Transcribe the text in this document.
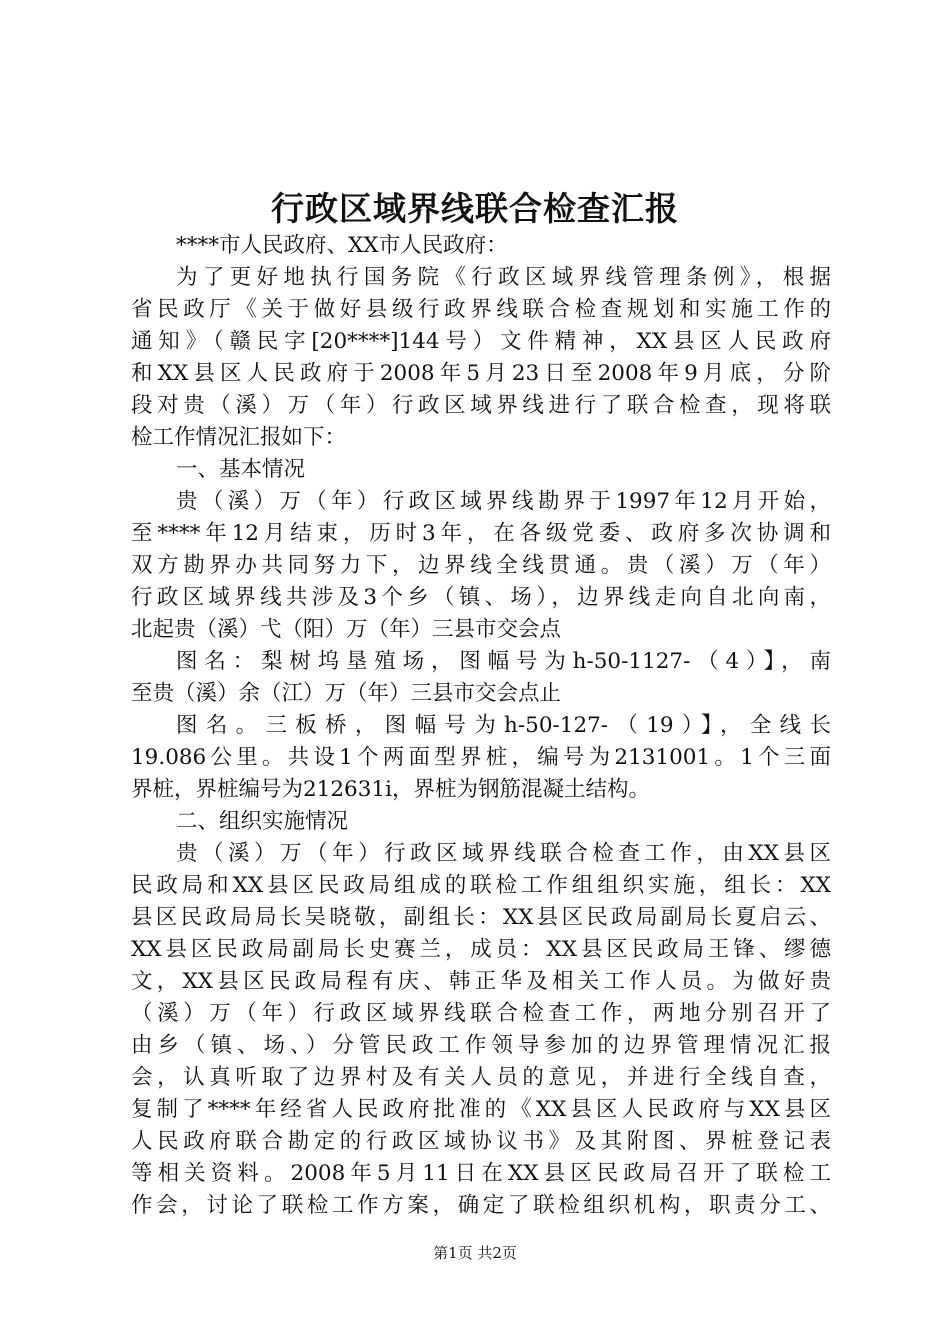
行政区域界线联合检查汇报

****市人民政府、XX市人民政府：

为了更好地执行国务院《行政区域界线管理条例》，根据
省民政厅《关于做好县级行政界线联合检查规划和实施工作的
通知》（赣民字[20****]144号）文件精神，XX县区人民政府
和XX县区人民政府于2008年5月23日至2008年9月底，分阶
段对贵（溪）万（年）行政区域界线进行了联合检查，现将联
检工作情况汇报如下：

一、基本情况

贵（溪）万（年）行政区域界线勘界于1997年12月开始，
至****年12月结束，历时3年，在各级党委、政府多次协调和
双方勘界办共同努力下，边界线全线贯通。贵（溪）万（年）
行政区域界线共涉及3个乡（镇、场），边界线走向自北向南，
北起贵（溪）弋（阳）万（年）三县市交会点

图名：梨树坞垦殖场，图幅号为h-50-1127-（4）】，南
至贵（溪）余（江）万（年）三县市交会点止

图名。三板桥，图幅号为h-50-127-（19）】，全线长
19.086公里。共设1个两面型界桩，编号为2131001。1个三面
界桩，界桩编号为212631i，界桩为钢筋混凝土结构。

二、组织实施情况

贵（溪）万（年）行政区域界线联合检查工作，由XX县区
民政局和XX县区民政局组成的联检工作组组织实施，组长：XX
县区民政局局长吴晓敬，副组长：XX县区民政局副局长夏启云、
XX县区民政局副局长史赛兰，成员：XX县区民政局王锋、缪德
文，XX县区民政局程有庆、韩正华及相关工作人员。为做好贵
（溪）万（年）行政区域界线联合检查工作，两地分别召开了
由乡（镇、场、）分管民政工作领导参加的边界管理情况汇报
会，认真听取了边界村及有关人员的意见，并进行全线自查，
复制了****年经省人民政府批准的《XX县区人民政府与XX县区
人民政府联合勘定的行政区域协议书》及其附图、界桩登记表
等相关资料。2008年5月11日在XX县区民政局召开了联检工
作会，讨论了联检工作方案，确定了联检组织机构，职责分工、

第1页 共2页
